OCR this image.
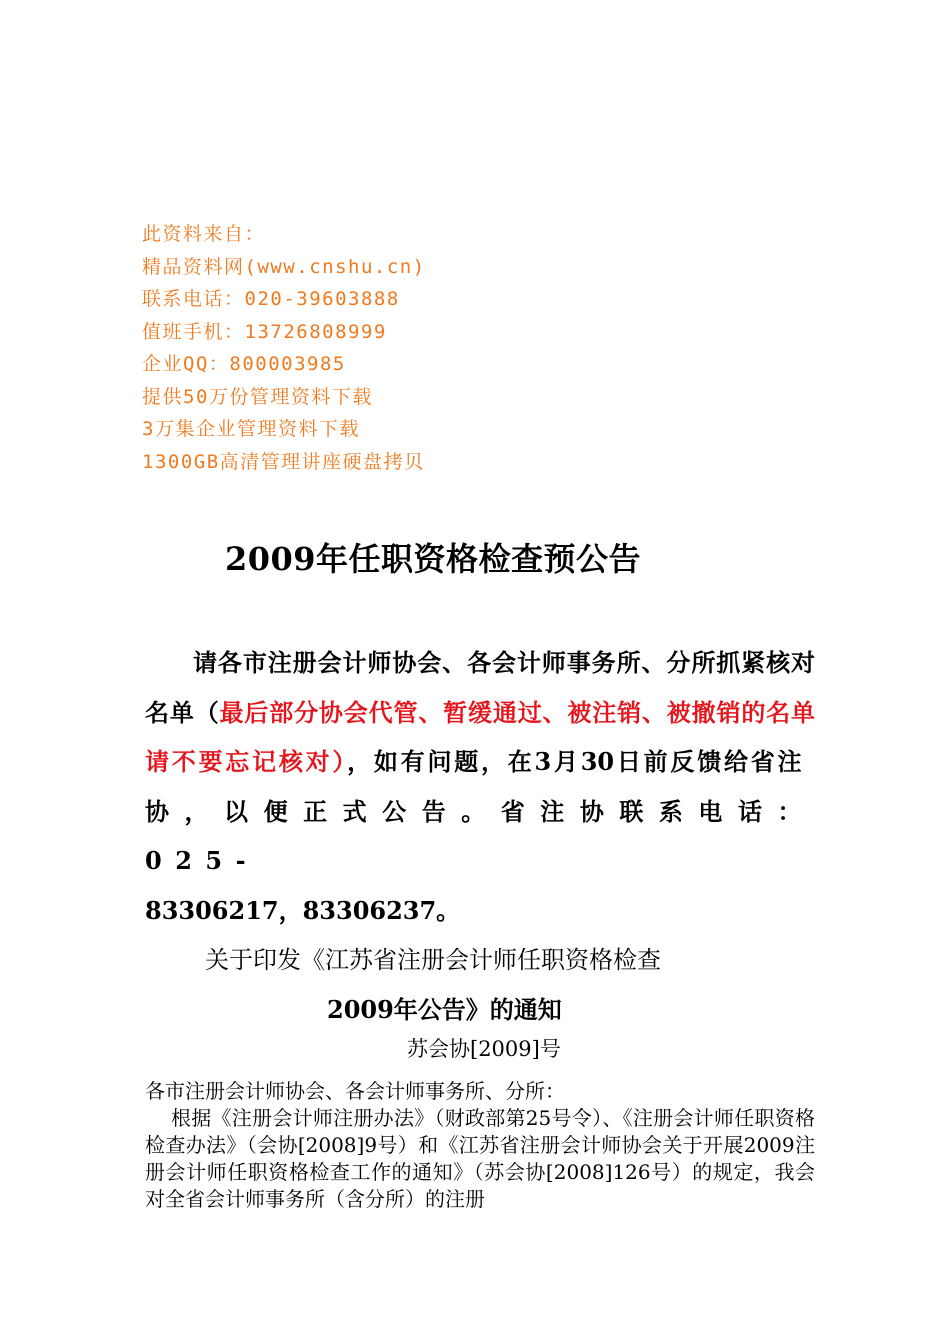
此资料来自：
精品资料网(www.cnshu.cn)
联系电话：020-39603888
值班手机：13726808999
企业QQ：800003985
提供50万份管理资料下载
3万集企业管理资料下载
1300GB高清管理讲座硬盘拷贝
2009年任职资格检查预公告
请各市注册会计师协会、各会计师事务所、分所抓紧核对名单（最后部分协会代管、暂缓通过、被注销、被撤销的名单请不要忘记核对），如有问题，在3月30日前反馈给省注协，以便正式公告。省注协联系电话：025-
83306217，83306237。
关于印发《江苏省注册会计师任职资格检查
2009年公告》的通知
苏会协[2009]号
各市注册会计师协会、各会计师事务所、分所：
根据《注册会计师注册办法》（财政部第25号令）、《注册会计师任职资格检查办法》（会协[2008]9号）和《江苏省注册会计师协会关于开展2009注册会计师任职资格检查工作的通知》（苏会协[2008]126号）的规定，我会对全省会计师事务所（含分所）的注册
